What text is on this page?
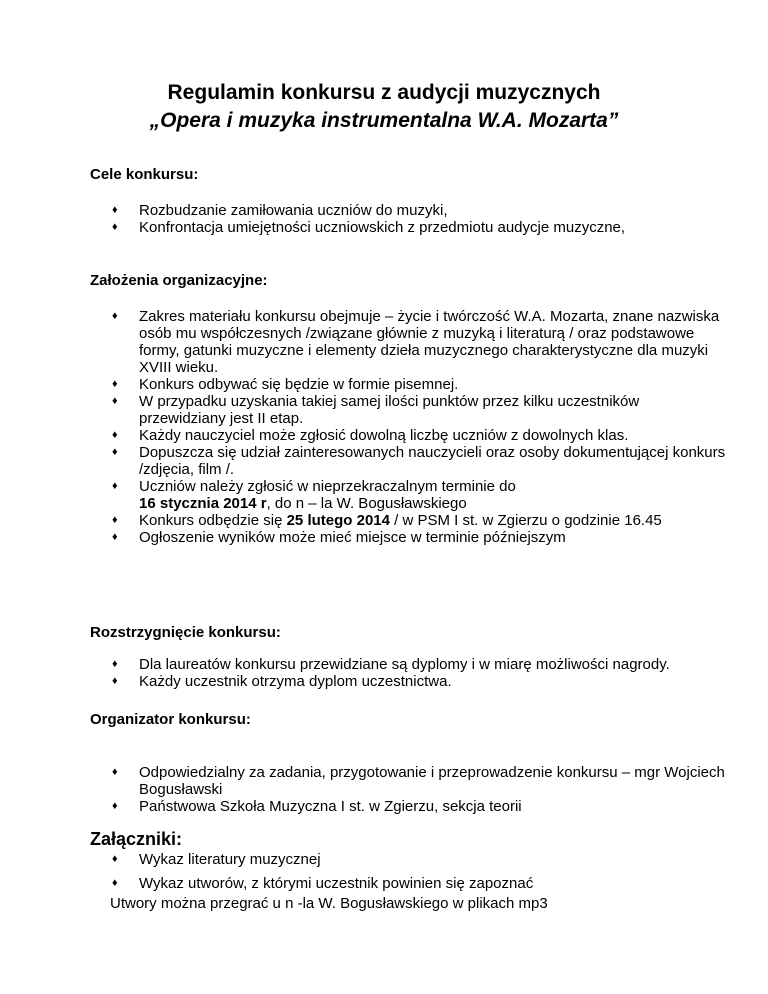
Regulamin konkursu z audycji muzycznych
„Opera i muzyka instrumentalna W.A. Mozarta”
Cele konkursu:
♦ Rozbudzanie zamiłowania uczniów do muzyki,
♦ Konfrontacja umiejętności uczniowskich z przedmiotu audycje muzyczne,
Założenia organizacyjne:
♦ Zakres materiału konkursu obejmuje – życie i twórczość W.A. Mozarta, znane nazwiska osób mu współczesnych /związane głównie z muzyką i literaturą / oraz podstawowe formy, gatunki muzyczne i elementy dzieła muzycznego charakterystyczne dla muzyki XVIII wieku.
♦ Konkurs odbywać się będzie w formie pisemnej.
♦ W przypadku uzyskania takiej samej ilości punktów przez kilku uczestników przewidziany jest II etap.
♦ Każdy nauczyciel może zgłosić dowolną liczbę uczniów z dowolnych klas.
♦ Dopuszcza się udział zainteresowanych nauczycieli oraz osoby dokumentującej konkurs /zdjęcia, film /.
♦ Uczniów należy zgłosić w nieprzekraczalnym terminie do
16 stycznia 2014 r, do n – la W. Bogusławskiego
♦ Konkurs odbędzie się 25 lutego 2014 / w PSM I st. w Zgierzu o godzinie 16.45
♦ Ogłoszenie wyników może mieć miejsce w terminie późniejszym
Rozstrzygnięcie konkursu:
♦ Dla laureatów konkursu przewidziane są dyplomy i w miarę możliwości nagrody.
♦ Każdy uczestnik otrzyma dyplom uczestnictwa.
Organizator konkursu:
♦ Odpowiedzialny za zadania, przygotowanie i przeprowadzenie konkursu – mgr Wojciech Bogusławski
♦ Państwowa Szkoła Muzyczna I st. w Zgierzu, sekcja teorii
Załączniki:
♦ Wykaz literatury muzycznej
♦ Wykaz utworów, z którymi uczestnik powinien się zapoznać
Utwory można przegrać u n -la W. Bogusławskiego w plikach mp3
